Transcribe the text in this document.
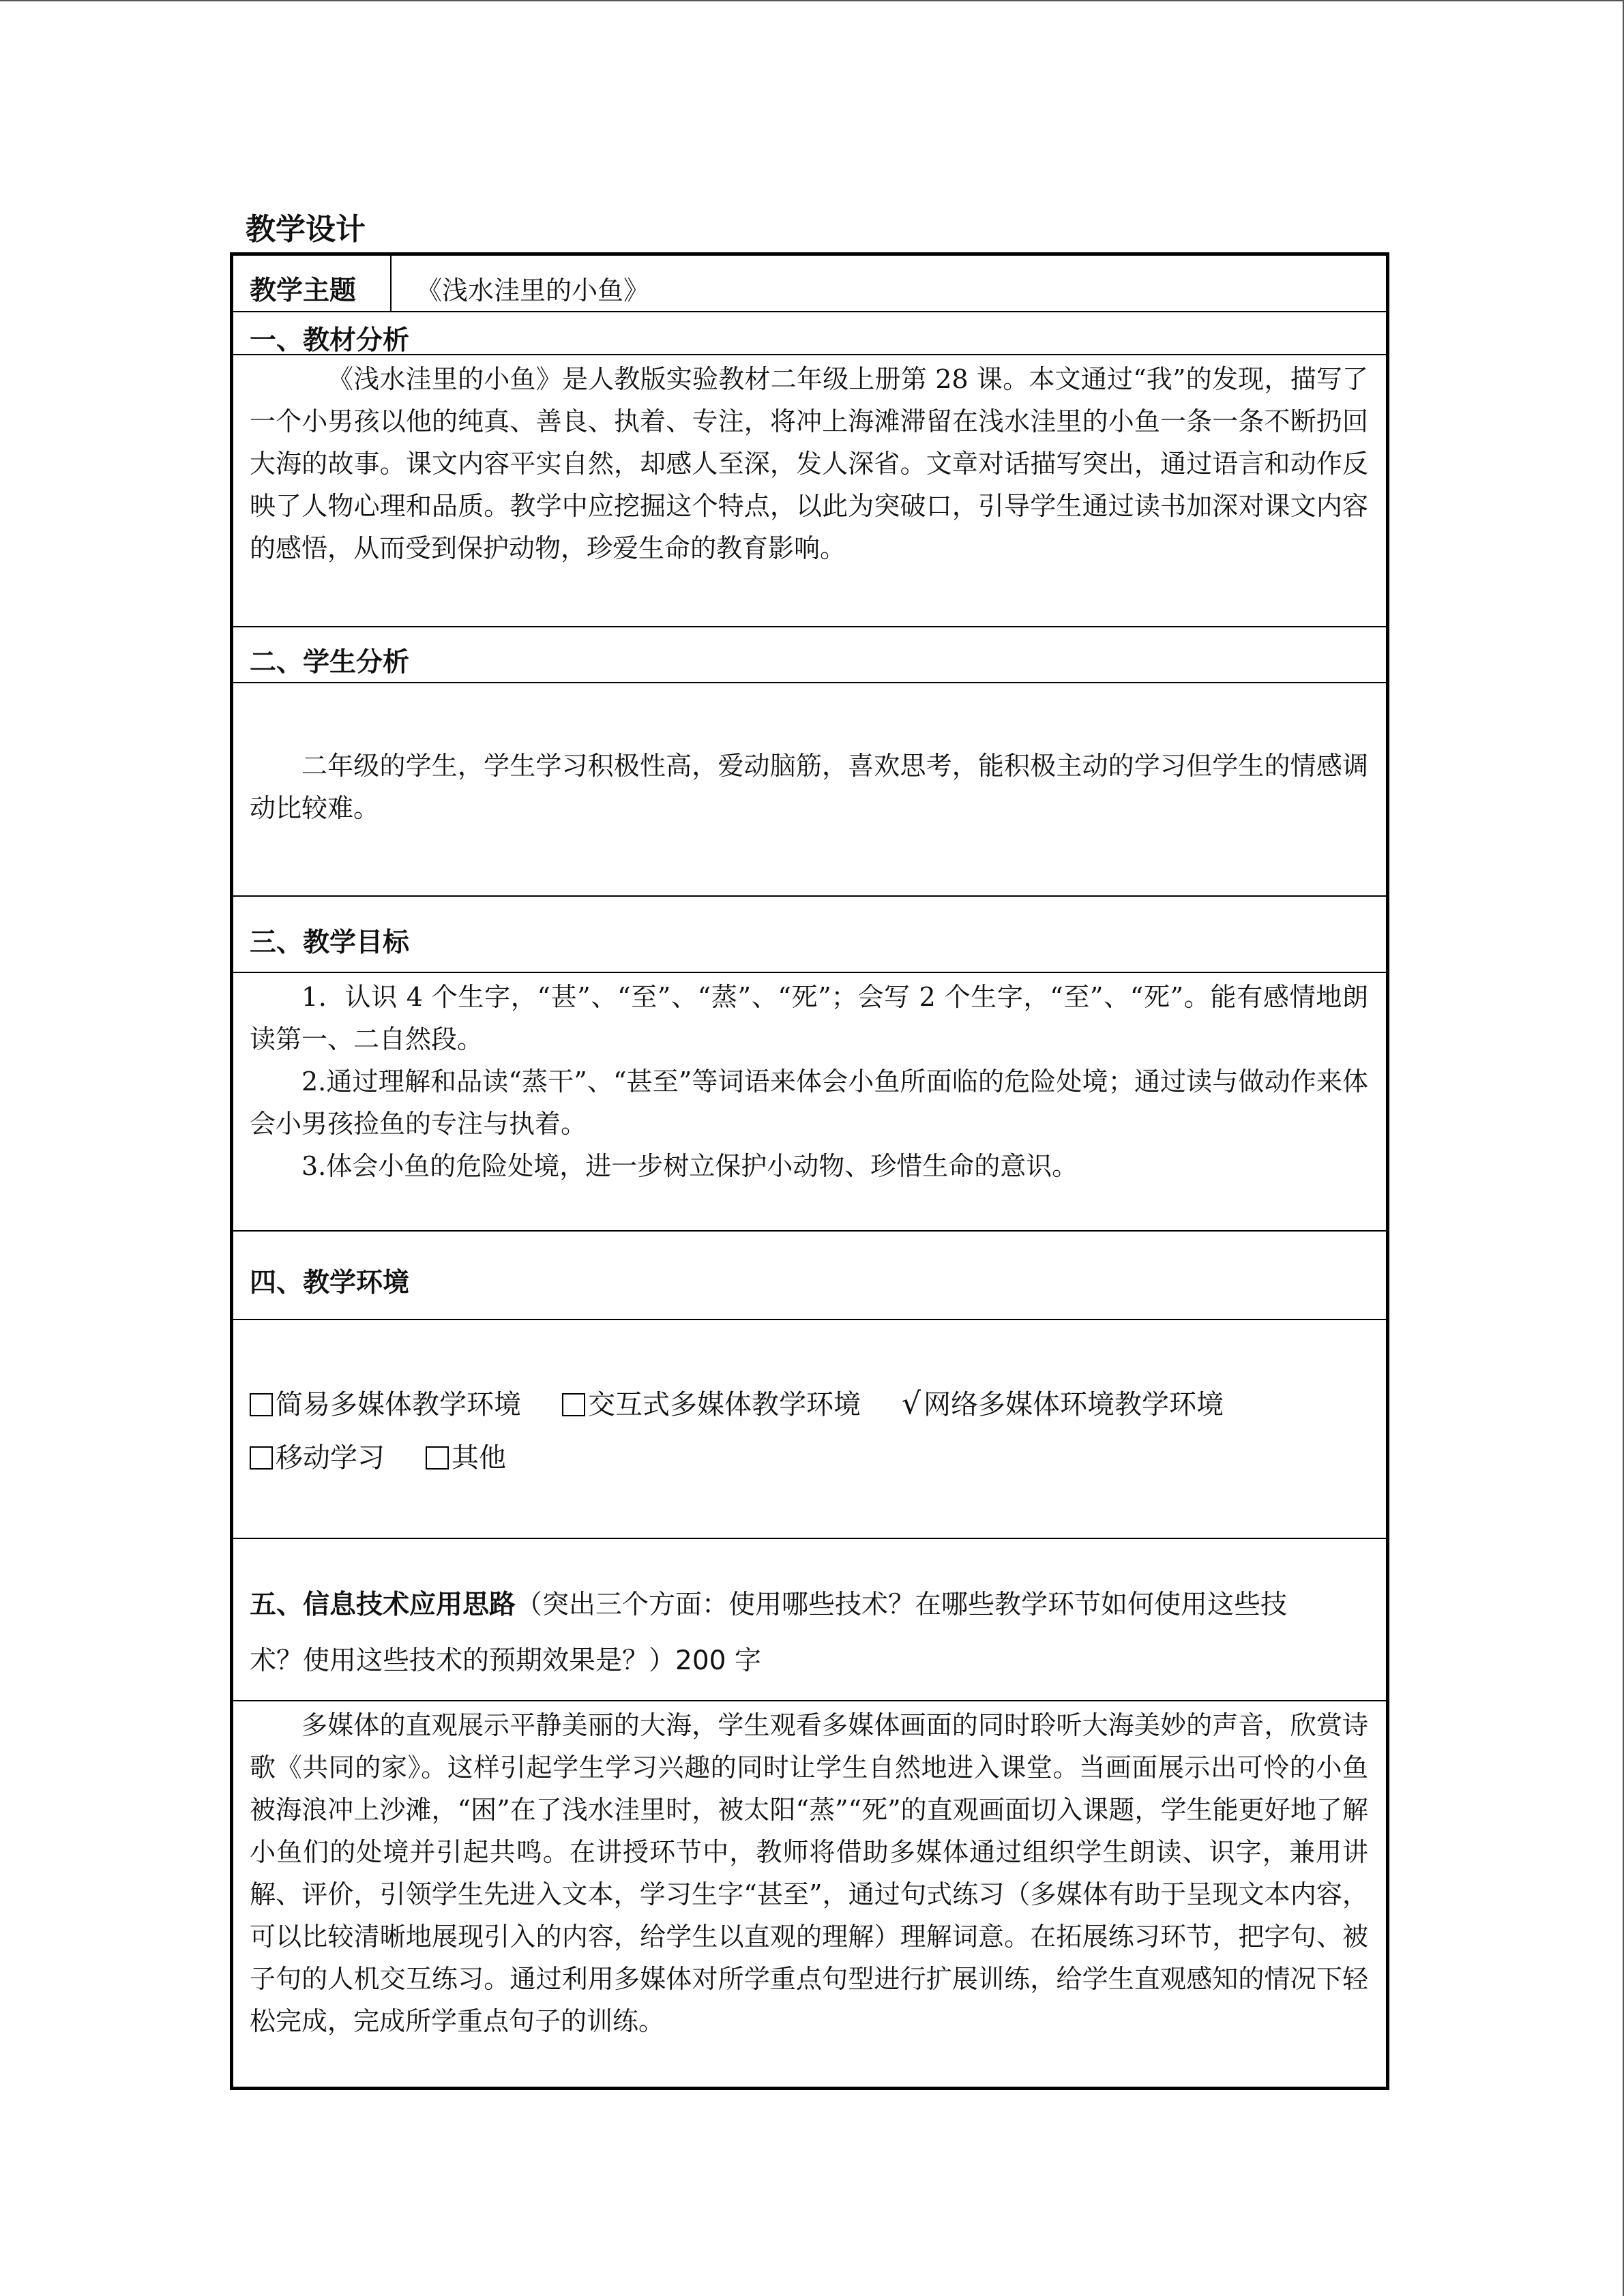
教学设计
教学主题 《浅水洼里的小鱼》
一、教材分析

《浅水洼里的小鱼》是人教版实验教材二年级上册第 28 课。本文通过“我”的发现，描写了一个小男孩以他的纯真、善良、执着、专注，将冲上海滩滞留在浅水洼里的小鱼一条一条不断扔回大海的故事。课文内容平实自然，却感人至深，发人深省。文章对话描写突出，通过语言和动作反映了人物心理和品质。教学中应挖掘这个特点，以此为突破口，引导学生通过读书加深对课文内容的感悟，从而受到保护动物，珍爱生命的教育影响。

二、学生分析

二年级的学生，学生学习积极性高，爱动脑筋，喜欢思考，能积极主动的学习但学生的情感调动比较难。

三、教学目标

1．认识 4 个生字，“甚”、“至”、“蒸”、“死”；会写 2 个生字，“至”、“死”。能有感情地朗读第一、二自然段。

2.通过理解和品读“蒸干”、“甚至”等词语来体会小鱼所面临的危险处境；通过读与做动作来体会小男孩捡鱼的专注与执着。

3.体会小鱼的危险处境，进一步树立保护小动物、珍惜生命的意识。

四、教学环境
简易多媒体教学环境 交互式多媒体教学环境 √ 网络多媒体环境教学环境
移动学习 其他
五、信息技术应用思路（突出三个方面：使用哪些技术？在哪些教学环节如何使用这些技
术？使用这些技术的预期效果是？）200 字

多媒体的直观展示平静美丽的大海，学生观看多媒体画面的同时聆听大海美妙的声音，欣赏诗歌《共同的家》。这样引起学生学习兴趣的同时让学生自然地进入课堂。当画面展示出可怜的小鱼被海浪冲上沙滩，“困”在了浅水洼里时，被太阳“蒸”“死”的直观画面切入课题，学生能更好地了解小鱼们的处境并引起共鸣。在讲授环节中，教师将借助多媒体通过组织学生朗读、识字，兼用讲解、评价，引领学生先进入文本，学习生字“甚至”，通过句式练习（多媒体有助于呈现文本内容，可以比较清晰地展现引入的内容，给学生以直观的理解）理解词意。在拓展练习环节，把字句、被子句的人机交互练习。通过利用多媒体对所学重点句型进行扩展训练，给学生直观感知的情况下轻松完成，完成所学重点句子的训练。
